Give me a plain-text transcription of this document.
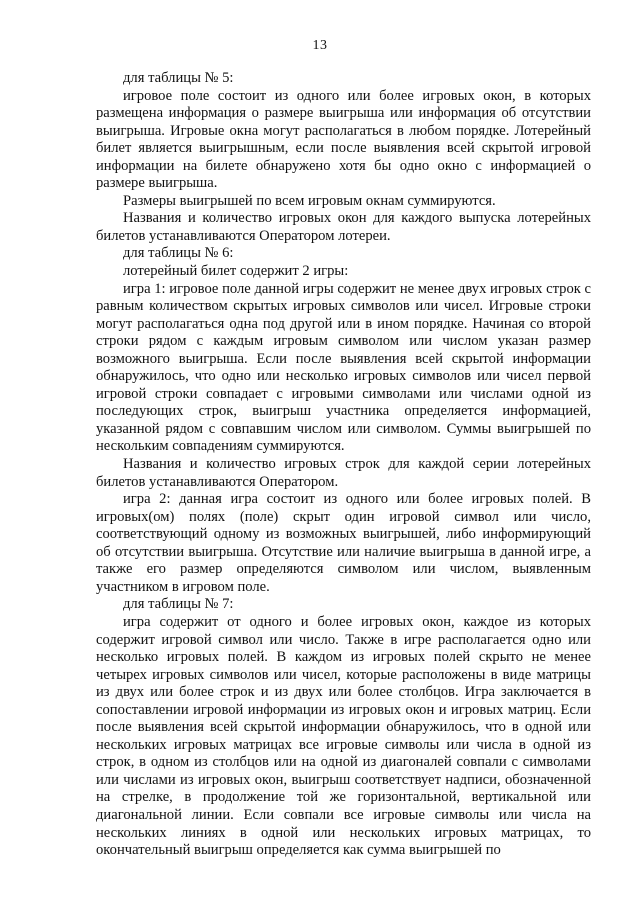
13

для таблицы № 5:

игровое поле состоит из одного или более игровых окон, в которых размещена информация о размере выигрыша или информация об отсутствии выигрыша. Игровые окна могут располагаться в любом порядке. Лотерейный билет является выигрышным, если после выявления всей скрытой игровой информации на билете обнаружено хотя бы одно окно с информацией о размере выигрыша.

Размеры выигрышей по всем игровым окнам суммируются.

Названия и количество игровых окон для каждого выпуска лотерейных билетов устанавливаются Оператором лотереи.

для таблицы № 6:

лотерейный билет содержит 2 игры:

игра 1: игровое поле данной игры содержит не менее двух игровых строк с равным количеством скрытых игровых символов или чисел. Игровые строки могут располагаться одна под другой или в ином порядке. Начиная со второй строки рядом с каждым игровым символом или числом указан размер возможного выигрыша. Если после выявления всей скрытой информации обнаружилось, что одно или несколько игровых символов или чисел первой игровой строки совпадает с игровыми символами или числами одной из последующих строк, выигрыш участника определяется информацией, указанной рядом с совпавшим числом или символом. Суммы выигрышей по нескольким совпадениям суммируются.

Названия и количество игровых строк для каждой серии лотерейных билетов устанавливаются Оператором.

игра 2: данная игра состоит из одного или более игровых полей. В игровых(ом) полях (поле) скрыт один игровой символ или число, соответствующий одному из возможных выигрышей, либо информирующий об отсутствии выигрыша. Отсутствие или наличие выигрыша в данной игре, а также его размер определяются символом или числом, выявленным участником в игровом поле.

для таблицы № 7:

игра содержит от одного и более игровых окон, каждое из которых содержит игровой символ или число. Также в игре располагается одно или несколько игровых полей. В каждом из игровых полей скрыто не менее четырех игровых символов или чисел, которые расположены в виде матрицы из двух или более строк и из двух или более столбцов. Игра заключается в сопоставлении игровой информации из игровых окон и игровых матриц. Если после выявления всей скрытой информации обнаружилось, что в одной или нескольких игровых матрицах все игровые символы или числа в одной из строк, в одном из столбцов или на одной из диагоналей совпали с символами или числами из игровых окон, выигрыш соответствует надписи, обозначенной на стрелке, в продолжение той же горизонтальной, вертикальной или диагональной линии. Если совпали все игровые символы или числа на нескольких линиях в одной или нескольких игровых матрицах, то окончательный выигрыш определяется как сумма выигрышей по
